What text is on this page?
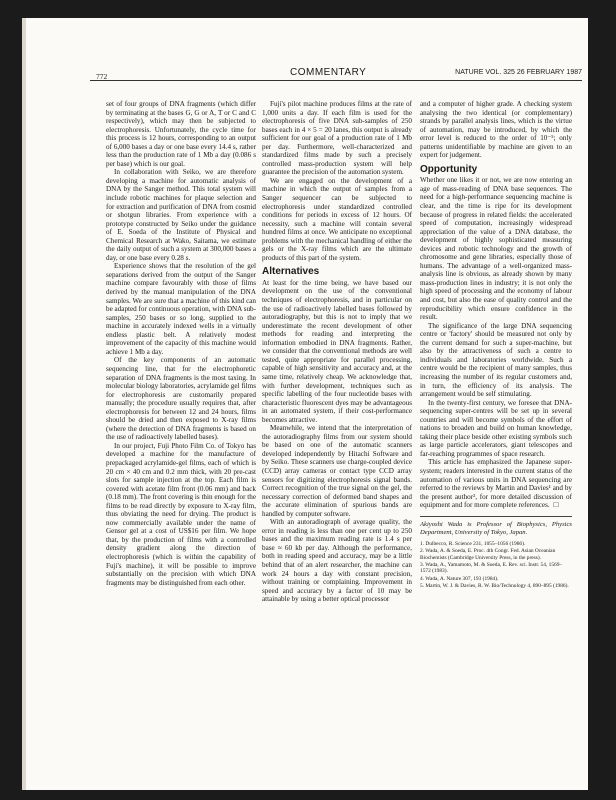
772	COMMENTARY	NATURE VOL. 325 26 FEBRUARY 1987

set of four groups of DNA fragments (which differ by terminating at the bases G, G or A, T or C and C respectively), which may then be subjected to electrophoresis. Unfortunately, the cycle time for this process is 12 hours, corresponding to an output of 6,000 bases a day or one base every 14.4 s, rather less than the production rate of 1 Mb a day (0.086 s per base) which is our goal.

In collaboration with Seiko, we are therefore developing a machine for automatic analysis of DNA by the Sanger method. This total system will include robotic machines for plaque selection and for extraction and purification of DNA from cosmid or shotgun libraries. From experience with a prototype constructed by Seiko under the guidance of E. Soeda of the Institute of Physical and Chemical Research at Wako, Saitama, we estimate the daily output of such a system at 300,000 bases a day, or one base every 0.28 s.

Experience shows that the resolution of the gel separations derived from the output of the Sanger machine compare favourably with those of films derived by the manual manipulation of the DNA samples. We are sure that a machine of this kind can be adapted for continuous operation, with DNA sub-samples, 250 bases or so long, supplied to the machine in accurately indexed wells in a virtually endless plastic belt. A relatively modest improvement of the capacity of this machine would achieve 1 Mb a day.

Of the key components of an automatic sequencing line, that for the electrophoretic separation of DNA fragments is the most taxing. In molecular biology laboratories, acrylamide gel films for electrophoresis are customarily prepared manually; the procedure usually requires that, after electrophoresis for between 12 and 24 hours, films should be dried and then exposed to X-ray films (where the detection of DNA fragments is based on the use of radioactively labelled bases).

In our project, Fuji Photo Film Co. of Tokyo has developed a machine for the manufacture of prepackaged acrylamide-gel films, each of which is 20 cm × 40 cm and 0.2 mm thick, with 20 pre-cast slots for sample injection at the top. Each film is covered with acetate film front (0.06 mm) and back (0.18 mm). The front covering is thin enough for the films to be read directly by exposure to X-ray film, thus obviating the need for drying. The product is now commercially available under the name of Gensor gel at a cost of US$16 per film. We hope that, by the production of films with a controlled density gradient along the direction of electrophoresis (which is within the capability of Fuji's machine), it will be possible to improve substantially on the precision with which DNA fragments may be distinguished from each other.

Fuji's pilot machine produces films at the rate of 1,000 units a day. If each film is used for the electrophoresis of five DNA sub-samples of 250 bases each in 4 × 5 = 20 lanes, this output is already sufficient for our goal of a production rate of 1 Mb per day. Furthermore, well-characterized and standardized films made by such a precisely controlled mass-production system will help guarantee the precision of the automation system.

We are engaged on the development of a machine in which the output of samples from a Sanger sequencer can be subjected to electrophoresis under standardized controlled conditions for periods in excess of 12 hours. Of necessity, such a machine will contain several hundred films at once. We anticipate no exceptional problems with the mechanical handling of either the gels or the X-ray films which are the ultimate products of this part of the system.

Alternatives

At least for the time being, we have based our development on the use of the conventional techniques of electrophoresis, and in particular on the use of radioactively labelled bases followed by autoradiography, but this is not to imply that we underestimate the recent development of other methods for reading and interpreting the information embodied in DNA fragments. Rather, we consider that the conventional methods are well tested, quite appropriate for parallel processing, capable of high sensitivity and accuracy and, at the same time, relatively cheap. We acknowledge that, with further development, techniques such as specific labelling of the four nucleotide bases with characteristic fluorescent dyes may be advantageous in an automated system, if their cost-performance becomes attractive.

Meanwhile, we intend that the interpretation of the autoradiography films from our system should be based on one of the automatic scanners developed independently by Hitachi Software and by Seiko. These scanners use charge-coupled device (CCD) array cameras or contact type CCD array sensors for digitizing electrophoresis signal bands. Correct recognition of the true signal on the gel, the necessary correction of deformed band shapes and the accurate elimination of spurious bands are handled by computer software.

With an autoradiograph of average quality, the error in reading is less than one per cent up to 250 bases and the maximum reading rate is 1.4 s per base ≈ 60 kb per day. Although the performance, both in reading speed and accuracy, may be a little behind that of an alert researcher, the machine can work 24 hours a day with constant precision, without training or complaining. Improvement in speed and accuracy by a factor of 10 may be attainable by using a better optical processor

and a computer of higher grade. A checking system analysing the two identical (or complementary) strands by parallel analysis lines, which is the virtue of automation, may be introduced, by which the error level is reduced to the order of 10⁻⁵; only patterns unidentifiable by machine are given to an expert for judgement.

Opportunity

Whether one likes it or not, we are now entering an age of mass-reading of DNA base sequences. The need for a high-performance sequencing machine is clear, and the time is ripe for its development because of progress in related fields: the accelerated speed of computation, increasingly widespread appreciation of the value of a DNA database, the development of highly sophisticated measuring devices and robotic technology and the growth of chromosome and gene libraries, especially those of humans. The advantage of a well-organized mass-analysis line is obvious, as already shown by many mass-production lines in industry; it is not only the high speed of processing and the economy of labour and cost, but also the ease of quality control and the reproducibility which ensure confidence in the result.

The significance of the large DNA sequencing centre or 'factory' should be measured not only by the current demand for such a super-machine, but also by the attractiveness of such a centre to individuals and laboratories worldwide. Such a centre would be the recipient of many samples, thus increasing the number of its regular customers and, in turn, the efficiency of its analysis. The arrangement would be self stimulating.

In the twenty-first century, we foresee that DNA-sequencing super-centres will be set up in several countries and will become symbols of the effort of nations to broaden and build on human knowledge, taking their place beside other existing symbols such as large particle accelerators, giant telescopes and far-reaching programmes of space research.

This article has emphasized the Japanese super-system; readers interested in the current status of the automation of various units in DNA sequencing are referred to the reviews by Martin and Davies¹ and by the present author², for more detailed discussion of equipment and for more complete references. □

Akiyoshi Wada is Professor of Biophysics, Physics Department, University of Tokyo, Japan.
1. Dulbecco, R. Science 231, 1055–1056 (1986).
2. Wada, A. & Soeda, E. Proc. 4th Congr. Fed. Asian Oceanian Biochemists (Cambridge University Press, in the press).
3. Wada, A., Yamamoto, M. & Soeda, E. Rev. sci. Instr. 54, 1569–1572 (1983).
4. Wada, A. Nature 307, 193 (1984).
5. Martin, W. J. & Davies, R. W. Bio/Technology 4, 890–895 (1986).
